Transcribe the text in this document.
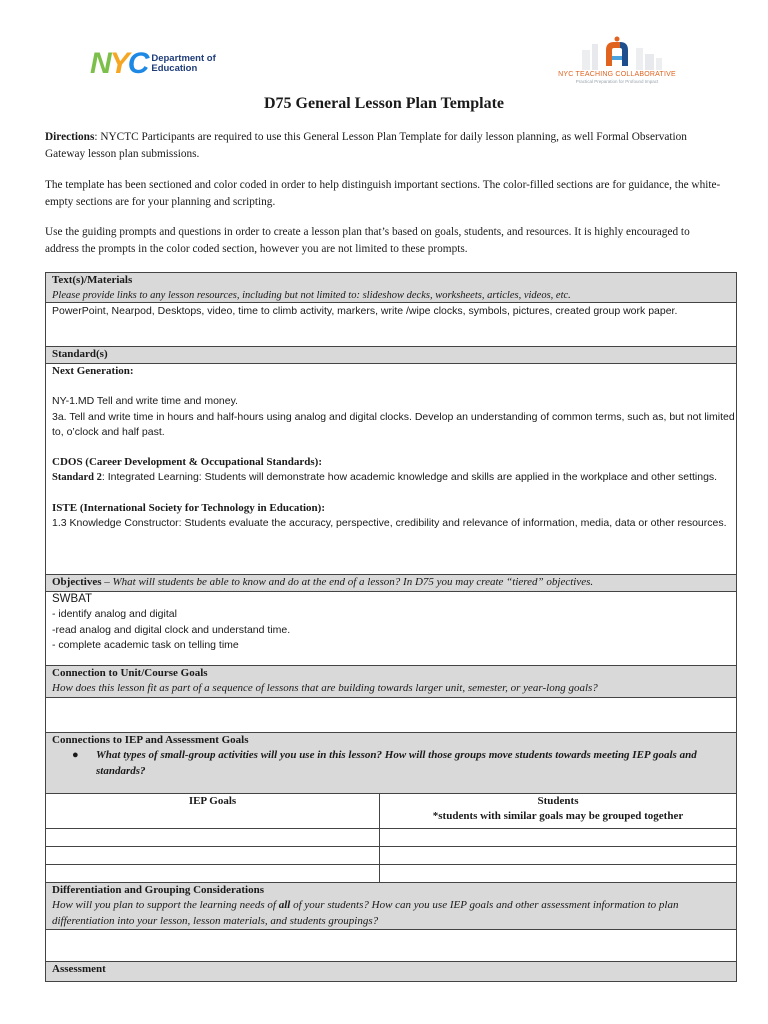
N Y C Department of
Education
NYC TEACHING COLLABORATIVE
Practical Preparation for Profound Impact
D75 General Lesson Plan Template
Directions: NYCTC Participants are required to use this General Lesson Plan Template for daily lesson planning, as well Formal Observation Gateway lesson plan submissions.
The template has been sectioned and color coded in order to help distinguish important sections. The color-filled sections are for guidance, the white-empty sections are for your planning and scripting.
Use the guiding prompts and questions in order to create a lesson plan that’s based on goals, students, and resources. It is highly encouraged to address the prompts in the color coded section, however you are not limited to these prompts.
Text(s)/Materials
Please provide links to any lesson resources, including but not limited to: slideshow decks, worksheets, articles, videos, etc.
PowerPoint, Nearpod, Desktops, video, time to climb activity, markers, write /wipe clocks, symbols, pictures, created group work paper.
Standard(s)
Next Generation:
NY-1.MD Tell and write time and money.
3a. Tell and write time in hours and half-hours using analog and digital clocks. Develop an understanding of common terms, such as, but not limited to, o’clock and half past.
CDOS (Career Development & Occupational Standards):
Standard 2: Integrated Learning: Students will demonstrate how academic knowledge and skills are applied in the workplace and other settings.
ISTE (International Society for Technology in Education):
1.3 Knowledge Constructor: Students evaluate the accuracy, perspective, credibility and relevance of information, media, data or other resources.
Objectives – What will students be able to know and do at the end of a lesson? In D75 you may create “tiered” objectives.
SWBAT
- identify analog and digital
-read analog and digital clock and understand time.
- complete academic task on telling time
Connection to Unit/Course Goals
How does this lesson fit as part of a sequence of lessons that are building towards larger unit, semester, or year-long goals?
Connections to IEP and Assessment Goals
●	What types of small-group activities will you use in this lesson? How will those groups move students towards meeting IEP goals and standards?
IEP Goals	Students
*students with similar goals may be grouped together
Differentiation and Grouping Considerations
How will you plan to support the learning needs of all of your students? How can you use IEP goals and other assessment information to plan differentiation into your lesson, lesson materials, and students groupings?
Assessment
